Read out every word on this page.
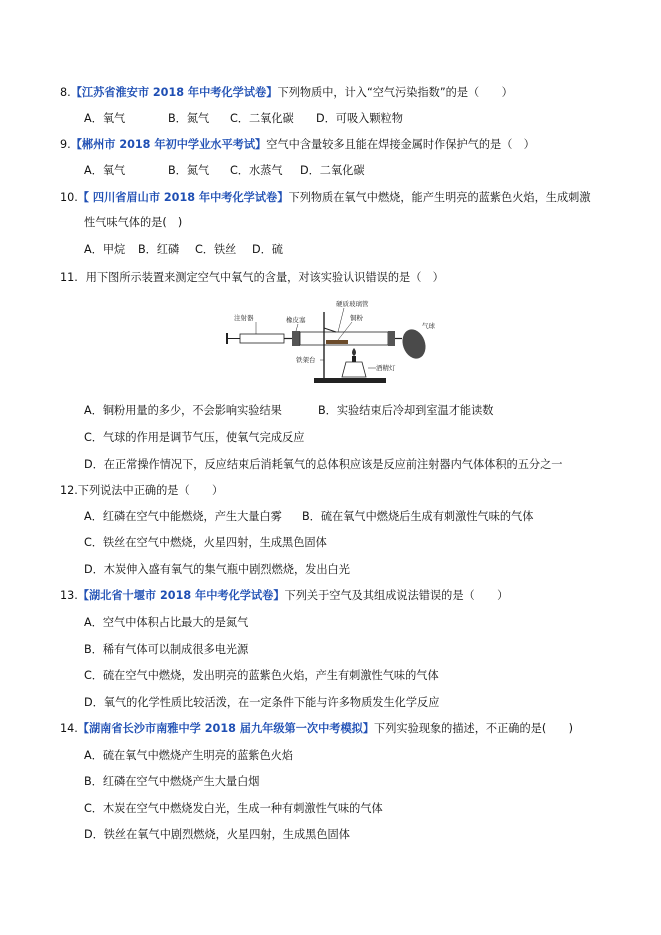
8.【江苏省淮安市 2018 年中考化学试卷】下列物质中，计入“空气污染指数”的是（　　）
A．氧气	B．氮气 C．二氧化碳 D．可吸入颗粒物
9.【郴州市 2018 年初中学业水平考试】空气中含量较多且能在焊接金属时作保护气的是（　）
A．氧气	B．氮气 C．水蒸气 D．二氧化碳
10.【 四川省眉山市 2018 年中考化学试卷】下列物质在氧气中燃烧，能产生明亮的蓝紫色火焰，生成刺激
性气味气体的是(　)
A．甲烷 B．红磷 C．铁丝 D．硫
11. 用下图所示装置来测定空气中氧气的含量，对该实验认识错误的是（　）
注射器	橡皮塞
硬质玻璃管
铜粉
气球
铁架台
酒精灯
A．铜粉用量的多少，不会影响实验结果	B．实验结束后冷却到室温才能读数
C．气球的作用是调节气压，使氧气完成反应
D．在正常操作情况下，反应结束后消耗氧气的总体积应该是反应前注射器内气体体积的五分之一
12.下列说法中正确的是（　　）
A．红磷在空气中能燃烧，产生大量白雾 B．硫在氧气中燃烧后生成有刺激性气味的气体
C．铁丝在空气中燃烧，火星四射，生成黑色固体
D．木炭伸入盛有氧气的集气瓶中剧烈燃烧，发出白光
13.【湖北省十堰市 2018 年中考化学试卷】下列关于空气及其组成说法错误的是（　　）
A．空气中体积占比最大的是氮气
B．稀有气体可以制成很多电光源
C．硫在空气中燃烧，发出明亮的蓝紫色火焰，产生有刺激性气味的气体
D．氧气的化学性质比较活泼，在一定条件下能与许多物质发生化学反应
14.【湖南省长沙市南雅中学 2018 届九年级第一次中考模拟】下列实验现象的描述，不正确的是(　　)
A．硫在氧气中燃烧产生明亮的蓝紫色火焰
B．红磷在空气中燃烧产生大量白烟
C．木炭在空气中燃烧发白光，生成一种有刺激性气味的气体
D．铁丝在氧气中剧烈燃烧，火星四射，生成黑色固体
